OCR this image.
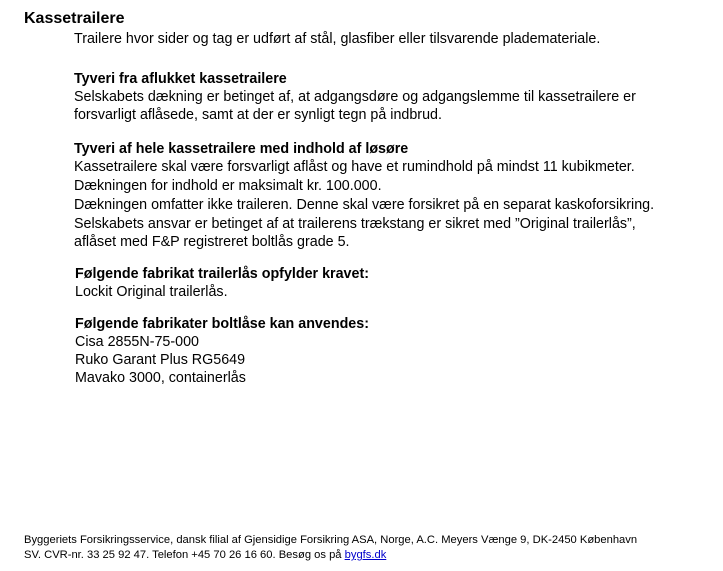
Kassetrailere

Trailere hvor sider og tag er udført af stål, glasfiber eller tilsvarende pladematerialе.

Tyveri fra aflukket kassetrailere

Selskabets dækning er betinget af, at adgangsdøre og adgangslemme til kassetrailere er forsvarligt aflåsede, samt at der er synligt tegn på indbrud.

Tyveri af hele kassetrailere med indhold af løsøre

Kassetrailere skal være forsvarligt aflåst og have et rumindhold på mindst 11 kubikmeter.

Dækningen for indhold er maksimalt kr. 100.000.

Dækningen omfatter ikke traileren. Denne skal være forsikret på en separat kaskoforsikring.

Selskabets ansvar er betinget af at trailerens trækstang er sikret med ”Original trailerlås”, aflåset med F&P registreret boltlås grade 5.

Følgende fabrikat trailerlås opfylder kravet:

Lockit Original trailerlås.

Følgende fabrikater boltlåse kan anvendes:

Cisa 2855N-75-000

Ruko Garant Plus RG5649

Mavako 3000, containerlås

Byggeriets Forsikringsservice, dansk filial af Gjensidige Forsikring ASA, Norge, A.C. Meyers Vænge 9, DK-2450 København
SV. CVR-nr. 33 25 92 47. Telefon +45 70 26 16 60. Besøg os på bygfs.dk
